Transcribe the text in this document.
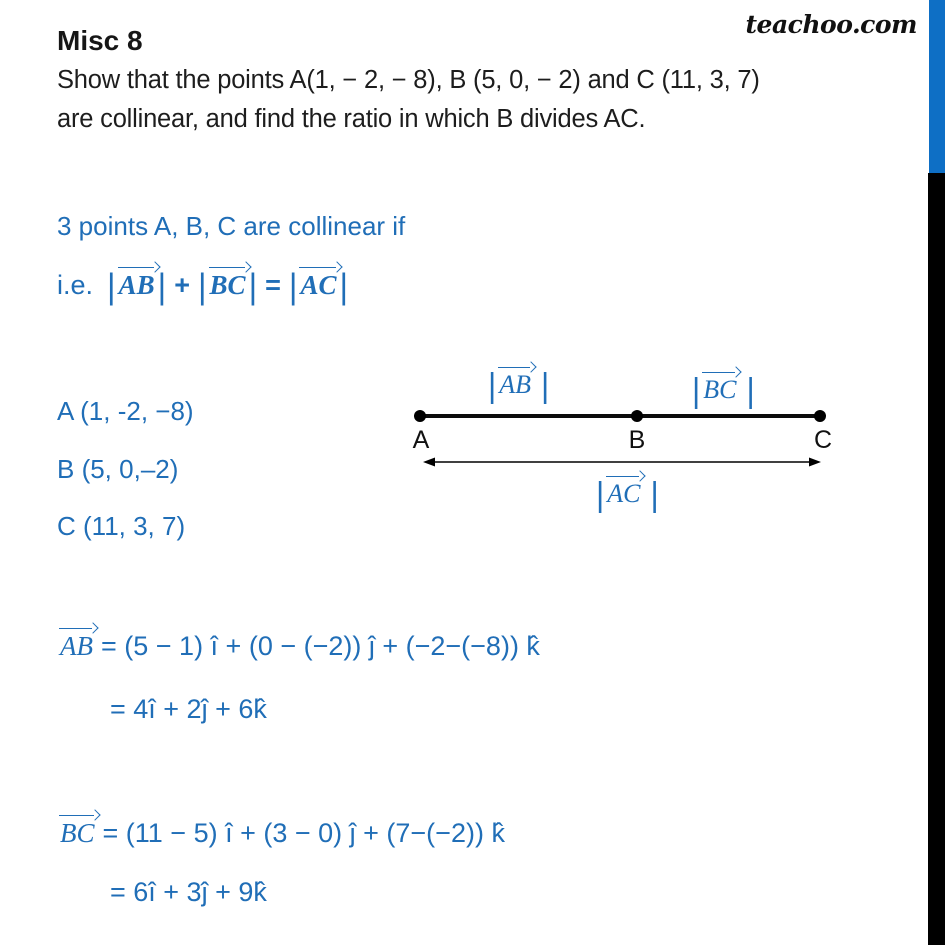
teachoo.com
Misc 8
Show that the points A(1, − 2, − 8), B (5, 0, − 2) and C (11, 3, 7)
are collinear, and find the ratio in which B divides AC.
3 points A, B, C are collinear if
i.e. | AB| + | BC| = | AC|
A (1, -2, −8)
B (5, 0,–2)
C (11, 3, 7)
A	B	C
| AB |	| BC |
| AC |
AB = (5 − 1) î + (0 − (−2)) ĵ + (−2−(−8)) k̂
= 4î + 2ĵ + 6k̂
BC = (11 − 5) î + (3 − 0) ĵ + (7−(−2)) k̂
= 6î + 3ĵ + 9k̂
